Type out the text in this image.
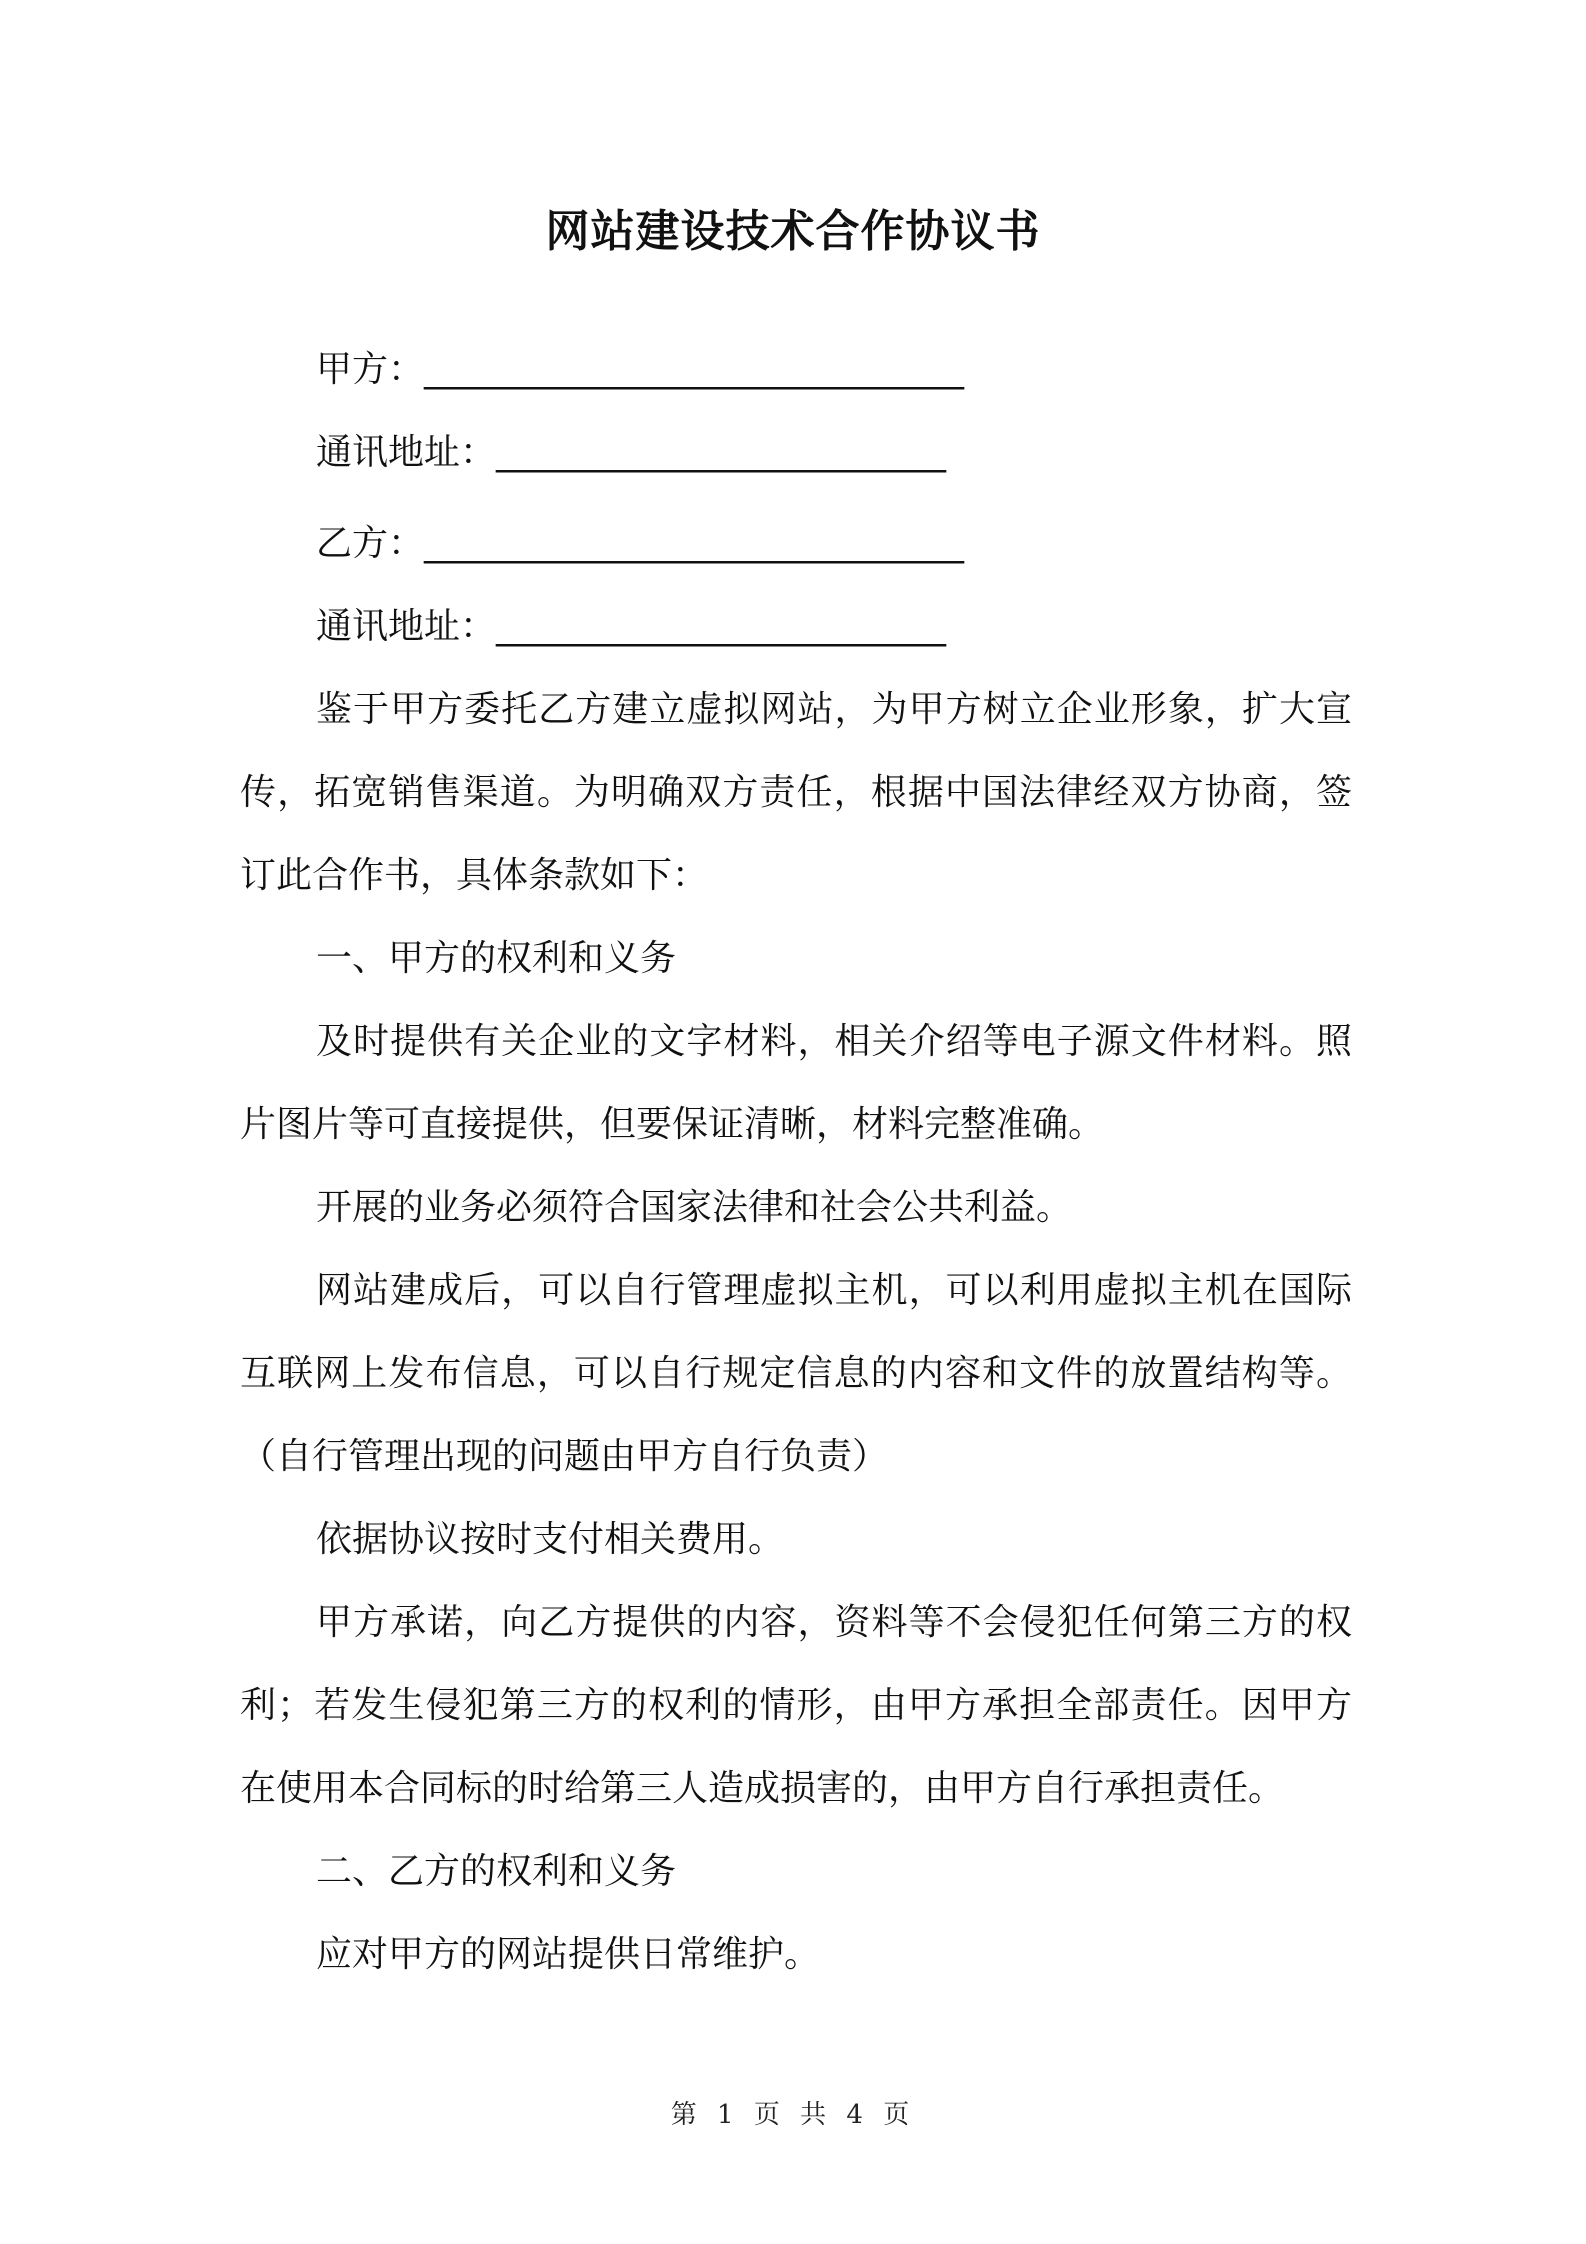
网站建设技术合作协议书
甲方：______________________________
通讯地址：_________________________
乙方：______________________________
通讯地址：_________________________
鉴于甲方委托乙方建立虚拟网站，为甲方树立企业形象，扩大宣
传，拓宽销售渠道。为明确双方责任，根据中国法律经双方协商，签
订此合作书，具体条款如下：
一、甲方的权利和义务
及时提供有关企业的文字材料，相关介绍等电子源文件材料。照
片图片等可直接提供，但要保证清晰，材料完整准确。
开展的业务必须符合国家法律和社会公共利益。
网站建成后，可以自行管理虚拟主机，可以利用虚拟主机在国际
互联网上发布信息，可以自行规定信息的内容和文件的放置结构等。
（自行管理出现的问题由甲方自行负责）
依据协议按时支付相关费用。
甲方承诺，向乙方提供的内容，资料等不会侵犯任何第三方的权
利；若发生侵犯第三方的权利的情形，由甲方承担全部责任。因甲方
在使用本合同标的时给第三人造成损害的，由甲方自行承担责任。
二、乙方的权利和义务
应对甲方的网站提供日常维护。
第 1 页 共 4 页
